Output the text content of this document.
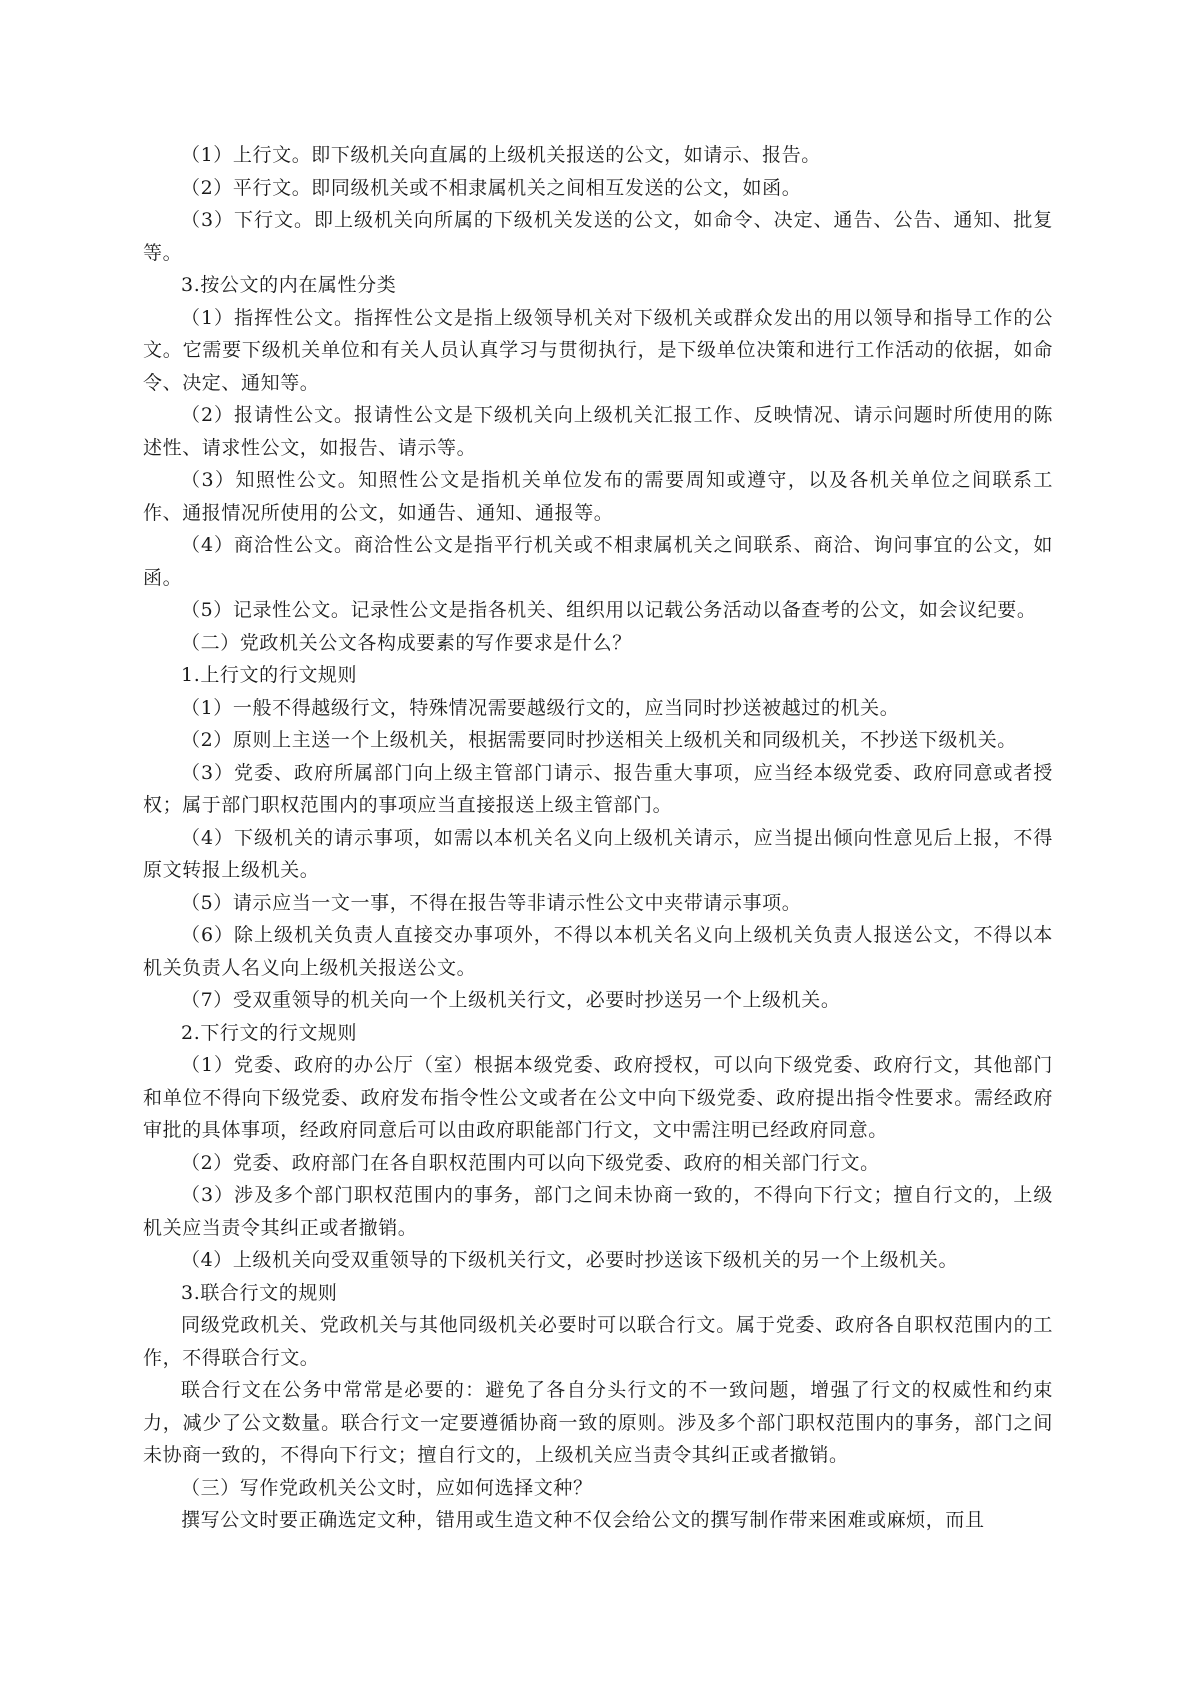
（1）上行文。即下级机关向直属的上级机关报送的公文，如请示、报告。

（2）平行文。即同级机关或不相隶属机关之间相互发送的公文，如函。

（3）下行文。即上级机关向所属的下级机关发送的公文，如命令、决定、通告、公告、通知、批复等。

3.按公文的内在属性分类

（1）指挥性公文。指挥性公文是指上级领导机关对下级机关或群众发出的用以领导和指导工作的公文。它需要下级机关单位和有关人员认真学习与贯彻执行，是下级单位决策和进行工作活动的依据，如命令、决定、通知等。

（2）报请性公文。报请性公文是下级机关向上级机关汇报工作、反映情况、请示问题时所使用的陈述性、请求性公文，如报告、请示等。

（3）知照性公文。知照性公文是指机关单位发布的需要周知或遵守，以及各机关单位之间联系工作、通报情况所使用的公文，如通告、通知、通报等。

（4）商洽性公文。商洽性公文是指平行机关或不相隶属机关之间联系、商洽、询问事宜的公文，如函。

（5）记录性公文。记录性公文是指各机关、组织用以记载公务活动以备查考的公文，如会议纪要。

（二）党政机关公文各构成要素的写作要求是什么？

1.上行文的行文规则

（1）一般不得越级行文，特殊情况需要越级行文的，应当同时抄送被越过的机关。

（2）原则上主送一个上级机关，根据需要同时抄送相关上级机关和同级机关，不抄送下级机关。

（3）党委、政府所属部门向上级主管部门请示、报告重大事项，应当经本级党委、政府同意或者授权；属于部门职权范围内的事项应当直接报送上级主管部门。

（4）下级机关的请示事项，如需以本机关名义向上级机关请示，应当提出倾向性意见后上报，不得原文转报上级机关。

（5）请示应当一文一事，不得在报告等非请示性公文中夹带请示事项。

（6）除上级机关负责人直接交办事项外，不得以本机关名义向上级机关负责人报送公文，不得以本机关负责人名义向上级机关报送公文。

（7）受双重领导的机关向一个上级机关行文，必要时抄送另一个上级机关。

2.下行文的行文规则

（1）党委、政府的办公厅（室）根据本级党委、政府授权，可以向下级党委、政府行文，其他部门和单位不得向下级党委、政府发布指令性公文或者在公文中向下级党委、政府提出指令性要求。需经政府审批的具体事项，经政府同意后可以由政府职能部门行文，文中需注明已经政府同意。

（2）党委、政府部门在各自职权范围内可以向下级党委、政府的相关部门行文。

（3）涉及多个部门职权范围内的事务，部门之间未协商一致的，不得向下行文；擅自行文的，上级机关应当责令其纠正或者撤销。

（4）上级机关向受双重领导的下级机关行文，必要时抄送该下级机关的另一个上级机关。

3.联合行文的规则

同级党政机关、党政机关与其他同级机关必要时可以联合行文。属于党委、政府各自职权范围内的工作，不得联合行文。

联合行文在公务中常常是必要的：避免了各自分头行文的不一致问题，增强了行文的权威性和约束力，减少了公文数量。联合行文一定要遵循协商一致的原则。涉及多个部门职权范围内的事务，部门之间未协商一致的，不得向下行文；擅自行文的，上级机关应当责令其纠正或者撤销。

（三）写作党政机关公文时，应如何选择文种？

撰写公文时要正确选定文种，错用或生造文种不仅会给公文的撰写制作带来困难或麻烦，而且
